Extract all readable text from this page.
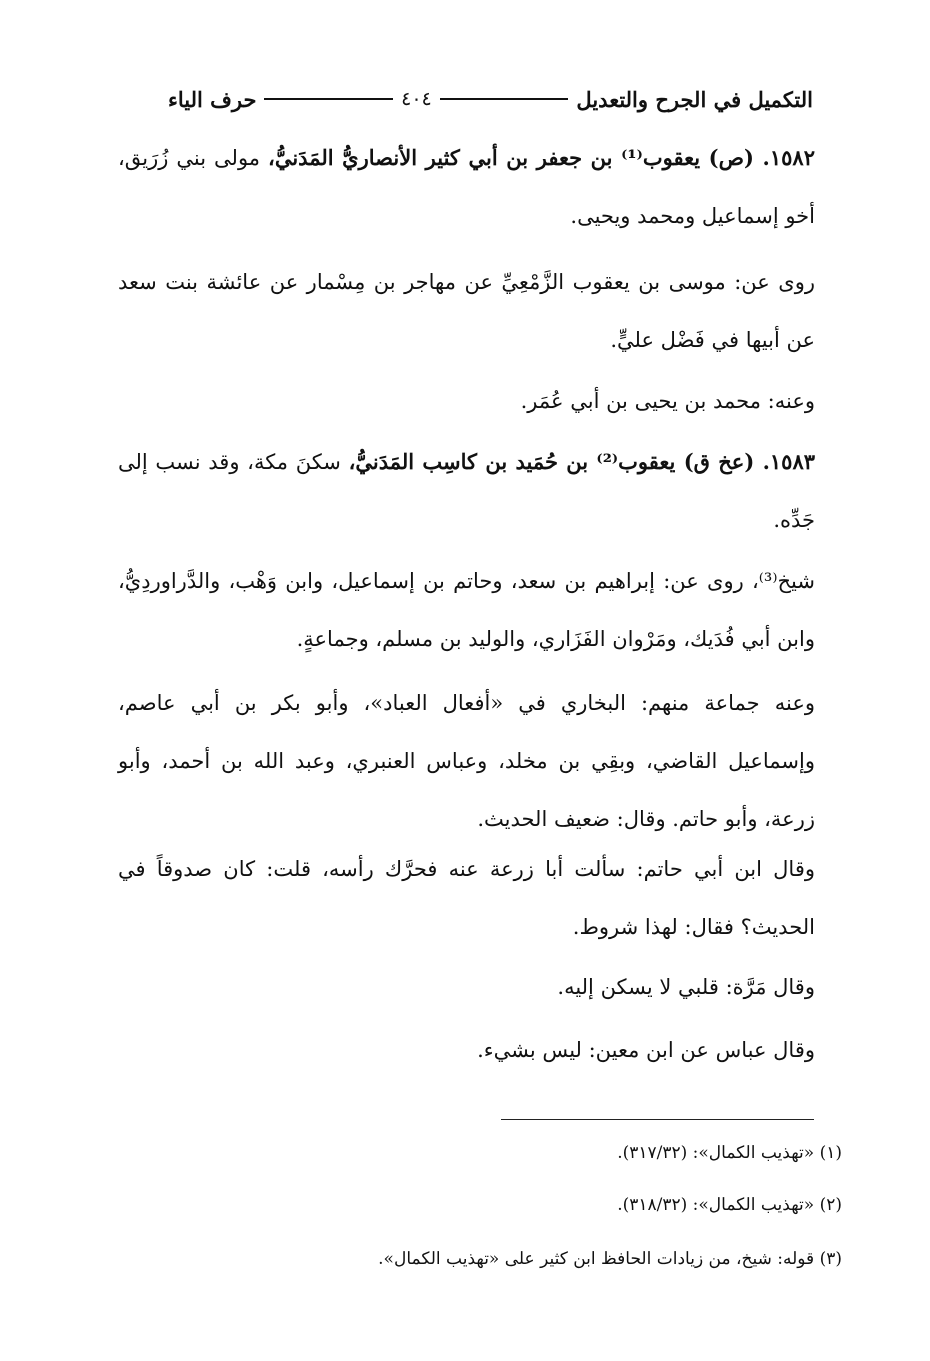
التكميل في الجرح والتعديل
٤٠٤
حرف الياء
١٥٨٢. (ص) يعقوب⁽¹⁾ بن جعفر بن أبي كثير الأنصاريُّ المَدَنيُّ، مولى بني زُرَيق، أخو إسماعيل ومحمد ويحيى.
روى عن: موسى بن يعقوب الزَّمْعِيِّ عن مهاجر بن مِسْمار عن عائشة بنت سعد عن أبيها في فَضْل عليٍّ.
وعنه: محمد بن يحيى بن أبي عُمَر.
١٥٨٣. (عخ ق) يعقوب⁽²⁾ بن حُمَيد بن كاسِب المَدَنيُّ، سكنَ مكة، وقد نسب إلى جَدِّه.
شيخ⁽³⁾، روى عن: إبراهيم بن سعد، وحاتم بن إسماعيل، وابن وَهْب، والدَّراوردِيُّ، وابن أبي فُدَيك، ومَرْوان الفَزَاري، والوليد بن مسلم، وجماعةٍ.
وعنه جماعة منهم: البخاري في «أفعال العباد»، وأبو بكر بن أبي عاصم، وإسماعيل القاضي، وبقِي بن مخلد، وعباس العنبري، وعبد الله بن أحمد، وأبو زرعة، وأبو حاتم. وقال: ضعيف الحديث.
وقال ابن أبي حاتم: سألت أبا زرعة عنه فحرَّك رأسه، قلت: كان صدوقاً في الحديث؟ فقال: لهذا شروط.
وقال مَرَّة: قلبي لا يسكن إليه.
وقال عباس عن ابن معين: ليس بشيء.
(١) «تهذيب الكمال»: (٣١٧/٣٢).
(٢) «تهذيب الكمال»: (٣١٨/٣٢).
(٣) قوله: شيخ، من زيادات الحافظ ابن كثير على «تهذيب الكمال».
